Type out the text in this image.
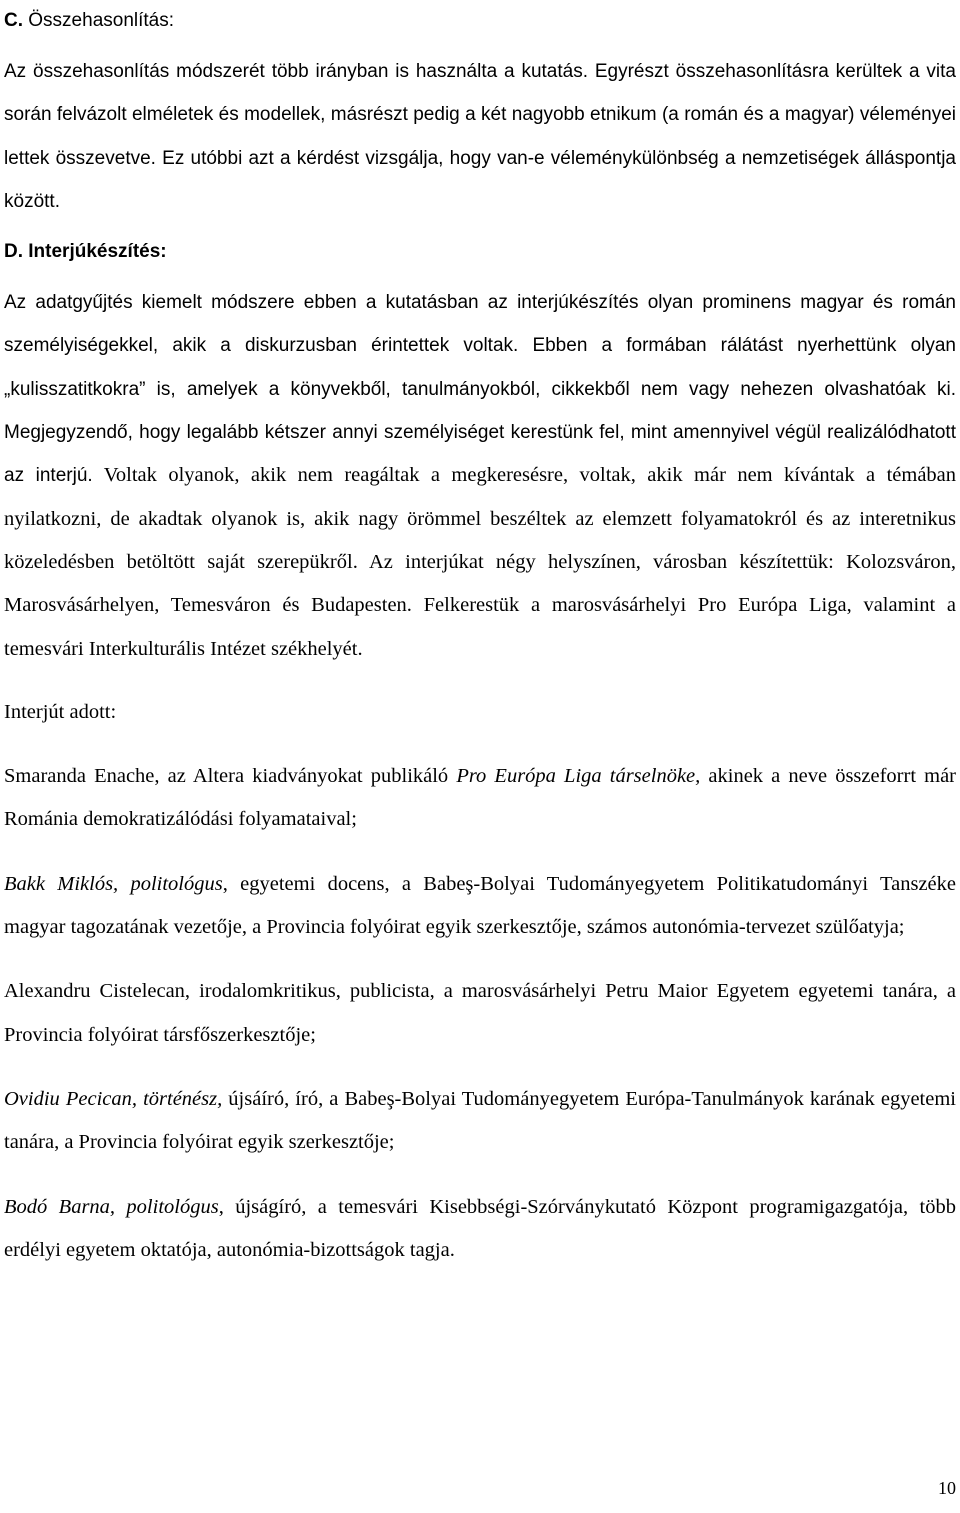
C. Összehasonlítás:

Az összehasonlítás módszerét több irányban is használta a kutatás. Egyrészt összehasonlításra kerültek a vita során felvázolt elméletek és modellek, másrészt pedig a két nagyobb etnikum (a román és a magyar) véleményei lettek összevetve. Ez utóbbi azt a kérdést vizsgálja, hogy van-e véleménykülönbség a nemzetiségek álláspontja között.

D. Interjúkészítés:

Az adatgyűjtés kiemelt módszere ebben a kutatásban az interjúkészítés olyan prominens magyar és román személyiségekkel, akik a diskurzusban érintettek voltak. Ebben a formában rálátást nyerhettünk olyan „kulisszatitkokra” is, amelyek a könyvekből, tanulmányokból, cikkekből nem vagy nehezen olvashatóak ki. Megjegyzendő, hogy legalább kétszer annyi személyiséget kerestünk fel, mint amennyivel végül realizálódhatott az interjú. Voltak olyanok, akik nem reagáltak a megkeresésre, voltak, akik már nem kívántak a témában nyilatkozni, de akadtak olyanok is, akik nagy örömmel beszéltek az elemzett folyamatokról és az interetnikus közeledésben betöltött saját szerepükről. Az interjúkat négy helyszínen, városban készítettük: Kolozsváron, Marosvásárhelyen, Temesváron és Budapesten. Felkerestük a marosvásárhelyi Pro Európa Liga, valamint a temesvári Interkulturális Intézet székhelyét.

Interjút adott:

Smaranda Enache, az Altera kiadványokat publikáló Pro Európa Liga társelnöke, akinek a neve összeforrt már Románia demokratizálódási folyamataival;

Bakk Miklós, politológus, egyetemi docens, a Babeş-Bolyai Tudományegyetem Politikatudományi Tanszéke magyar tagozatának vezetője, a Provincia folyóirat egyik szerkesztője, számos autonómia-tervezet szülőatyja;

Alexandru Cistelecan, irodalomkritikus, publicista, a marosvásárhelyi Petru Maior Egyetem egyetemi tanára, a Provincia folyóirat társfőszerkesztője;

Ovidiu Pecican, történész, újsáíró, író, a Babeş-Bolyai Tudományegyetem Európa-Tanulmányok karának egyetemi tanára, a Provincia folyóirat egyik szerkesztője;

Bodó Barna, politológus, újságíró, a temesvári Kisebbségi-Szórványkutató Központ programigazgatója, több erdélyi egyetem oktatója, autonómia-bizottságok tagja.

10
